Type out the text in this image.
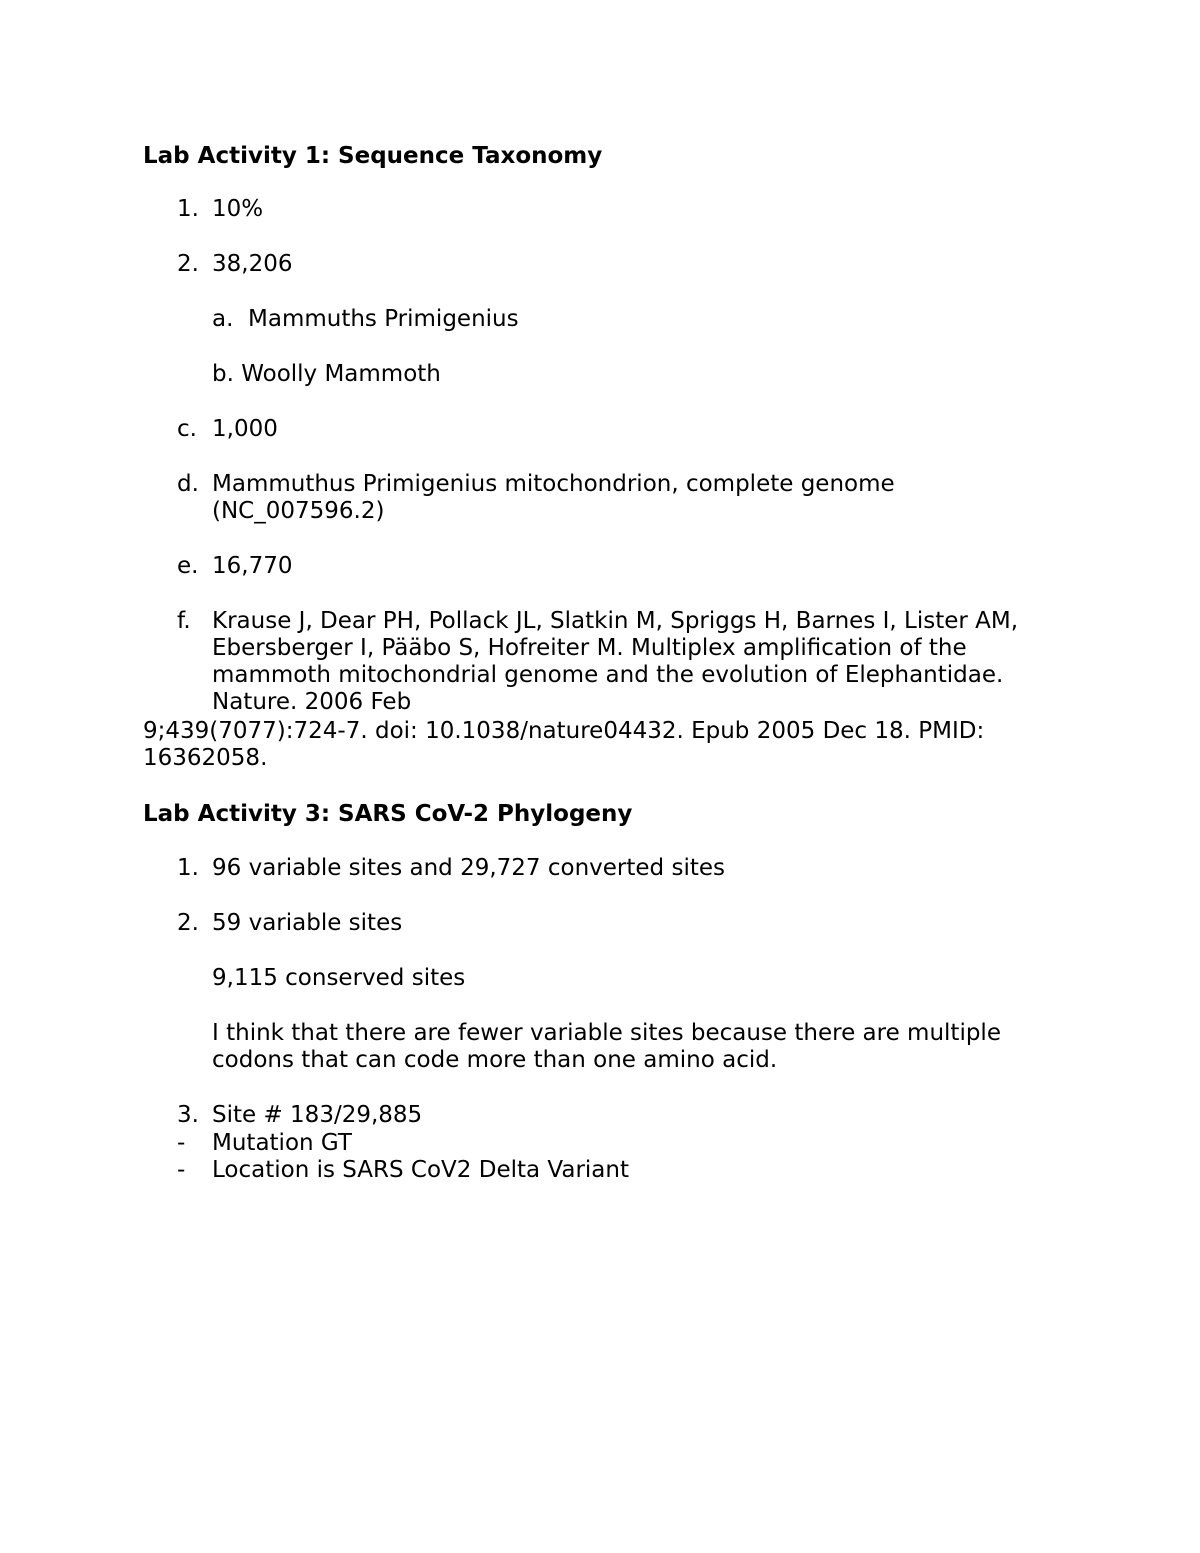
Lab Activity 1: Sequence Taxonomy
1. 10%
2. 38,206
a. Mammuths Primigenius
b. Woolly Mammoth
c. 1,000
d. Mammuthus Primigenius mitochondrion, complete genome
(NC_007596.2)
e. 16,770
f. Krause J, Dear PH, Pollack JL, Slatkin M, Spriggs H, Barnes I, Lister AM,
Ebersberger I, Pääbo S, Hofreiter M. Multiplex amplification of the
mammoth mitochondrial genome and the evolution of Elephantidae.
Nature. 2006 Feb
9;439(7077):724-7. doi: 10.1038/nature04432. Epub 2005 Dec 18. PMID:
16362058.
Lab Activity 3: SARS CoV-2 Phylogeny
1. 96 variable sites and 29,727 converted sites
2. 59 variable sites
9,115 conserved sites
I think that there are fewer variable sites because there are multiple
codons that can code more than one amino acid.
3. Site # 183/29,885
- Mutation GT
- Location is SARS CoV2 Delta Variant
